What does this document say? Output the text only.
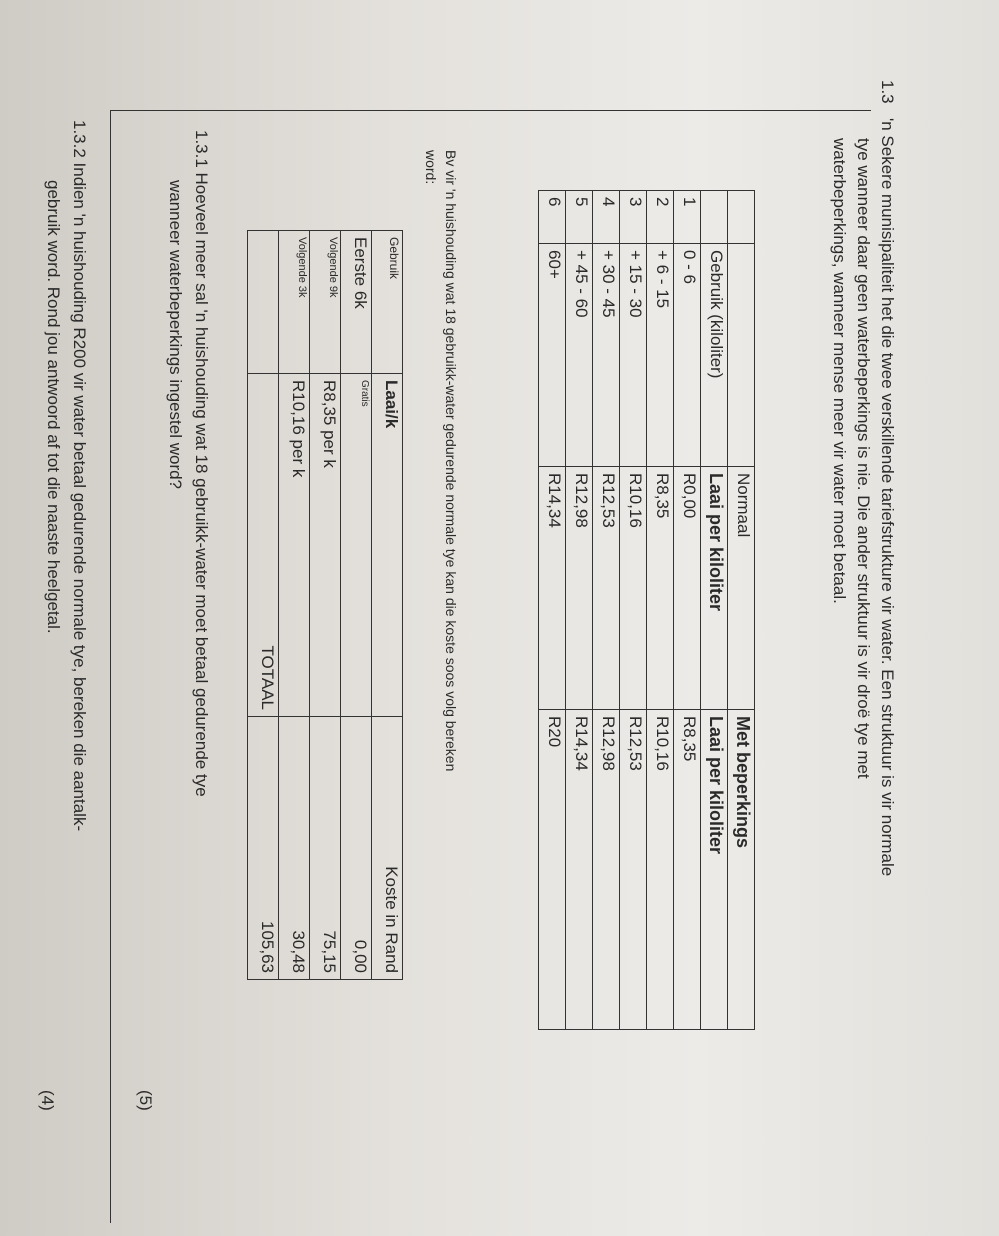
1.3
'n Sekere munisipaliteit het die twee verskillende tariefstrukture vir water. Een struktuur is vir normale
tye wanneer daar geen waterbeperkings is nie. Die ander struktuur is vir droë tye met
waterbeperkings, wanneer mense meer vir water moet betaal.
		Normaal	Met beperkings
	Gebruik (kiloliter)	Laai per kiloliter	Laai per kiloliter
1	0 - 6	R0,00	R8,35
2	+ 6 - 15	R8,35	R10,16
3	+ 15 - 30	R10,16	R12,53
4	+ 30 - 45	R12,53	R12,98
5	+ 45 - 60	R12,98	R14,34
6	60+	R14,34	R20
Bv vir 'n huishouding wat 18 gebruikk-water gedurende normale tye kan die koste soos volg bereken
word:
Gebruik	Laai/k	Koste in Rand
Eerste 6k	Gratis	0,00
Volgende 9k	R8,35 per k	75,15
Volgende 3k	R10,16 per k	30,48
	TOTAAL	105,63
1.3.1 Hoeveel meer sal 'n huishouding wat 18 gebruikk-water moet betaal gedurende tye
wanneer waterbeperkings ingestel word?
(5)
1.3.2 Indien 'n huishouding R200 vir water betaal gedurende normale tye, bereken die aantalk-
gebruik word. Rond jou antwoord af tot die naaste heelgetal.
(4)
